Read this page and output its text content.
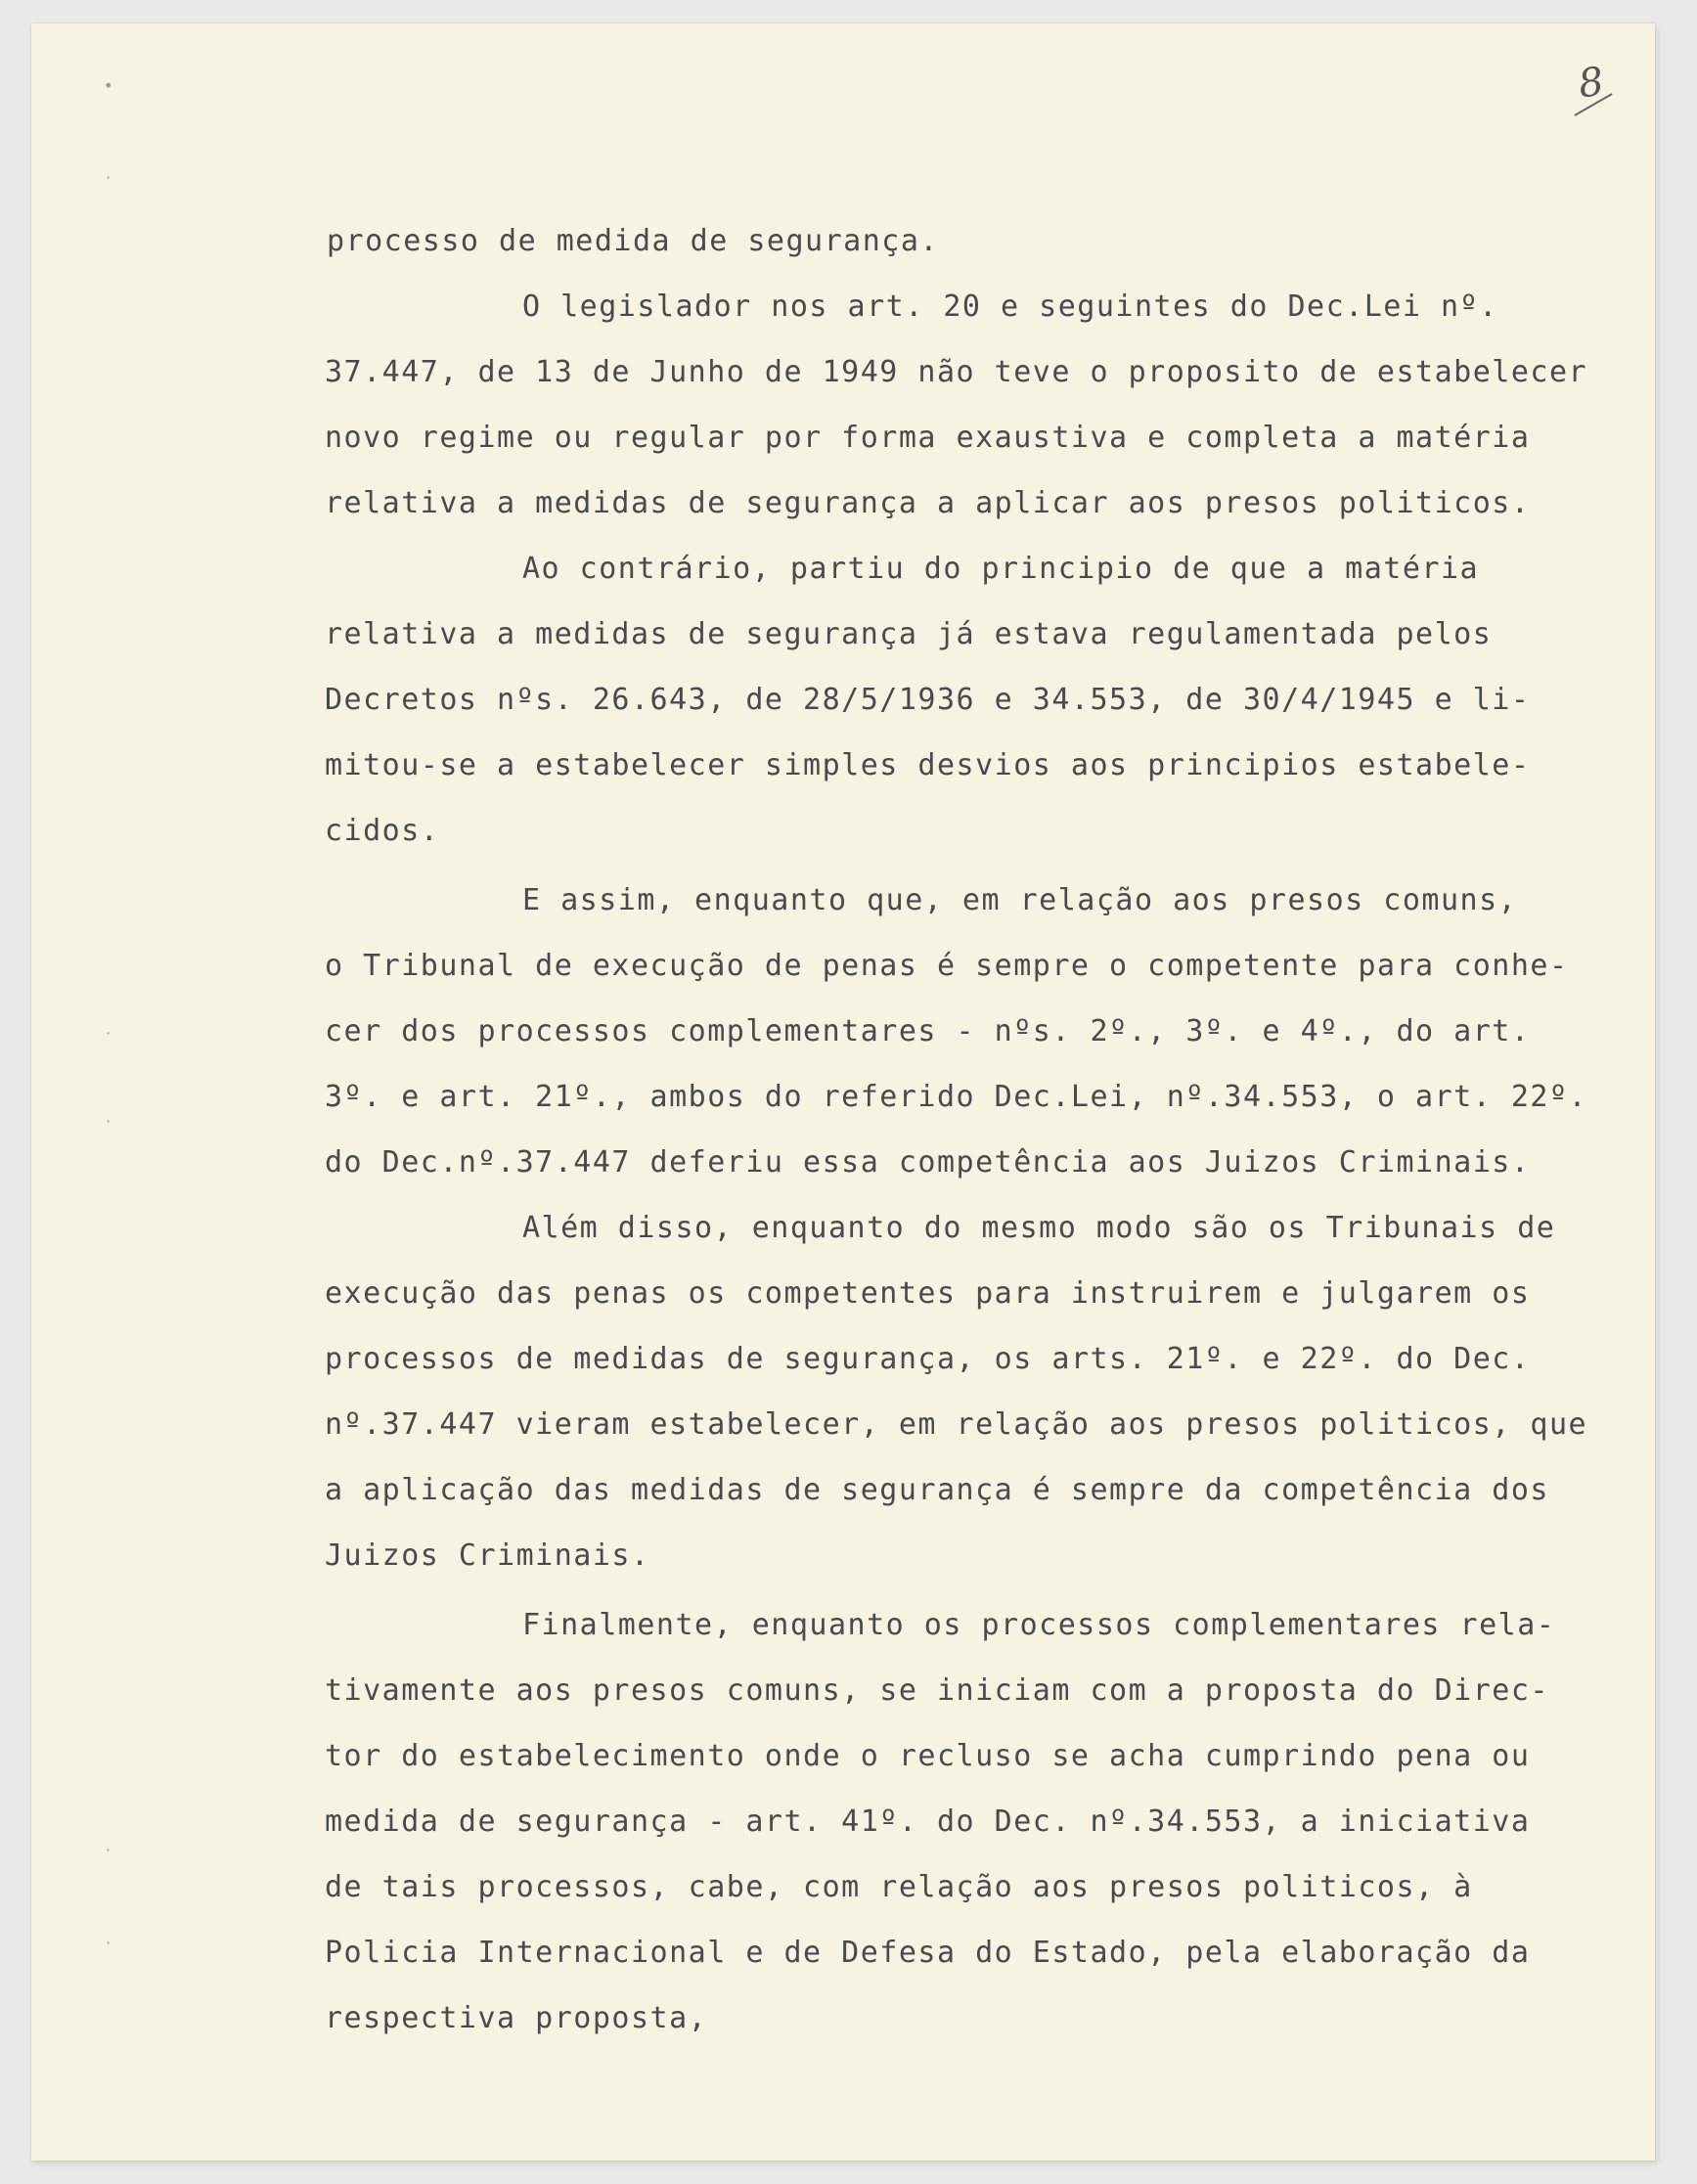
8
•
·
·
·
·
·

processo de medida de segurança.

O legislador nos art. 20 e seguintes do Dec.Lei nº.

37.447, de 13 de Junho de 1949 não teve o proposito de estabelecer

novo regime ou regular por forma exaustiva e completa a matéria

relativa a medidas de segurança a aplicar aos presos politicos.

Ao contrário, partiu do principio de que a matéria

relativa a medidas de segurança já estava regulamentada pelos

Decretos nºs. 26.643, de 28/5/1936 e 34.553, de 30/4/1945 e li-

mitou-se a estabelecer simples desvios aos principios estabele-

cidos.

E assim, enquanto que, em relação aos presos comuns,

o Tribunal de execução de penas é sempre o competente para conhe-

cer dos processos complementares - nºs. 2º., 3º. e 4º., do art.

3º. e art. 21º., ambos do referido Dec.Lei, nº.34.553, o art. 22º.

do Dec.nº.37.447 deferiu essa competência aos Juizos Criminais.

Além disso, enquanto do mesmo modo são os Tribunais de

execução das penas os competentes para instruirem e julgarem os

processos de medidas de segurança, os arts. 21º. e 22º. do Dec.

nº.37.447 vieram estabelecer, em relação aos presos politicos, que

a aplicação das medidas de segurança é sempre da competência dos

Juizos Criminais.

Finalmente, enquanto os processos complementares rela-

tivamente aos presos comuns, se iniciam com a proposta do Direc-

tor do estabelecimento onde o recluso se acha cumprindo pena ou

medida de segurança - art. 41º. do Dec. nº.34.553, a iniciativa

de tais processos, cabe, com relação aos presos politicos, à

Policia Internacional e de Defesa do Estado, pela elaboração da

respectiva proposta,
